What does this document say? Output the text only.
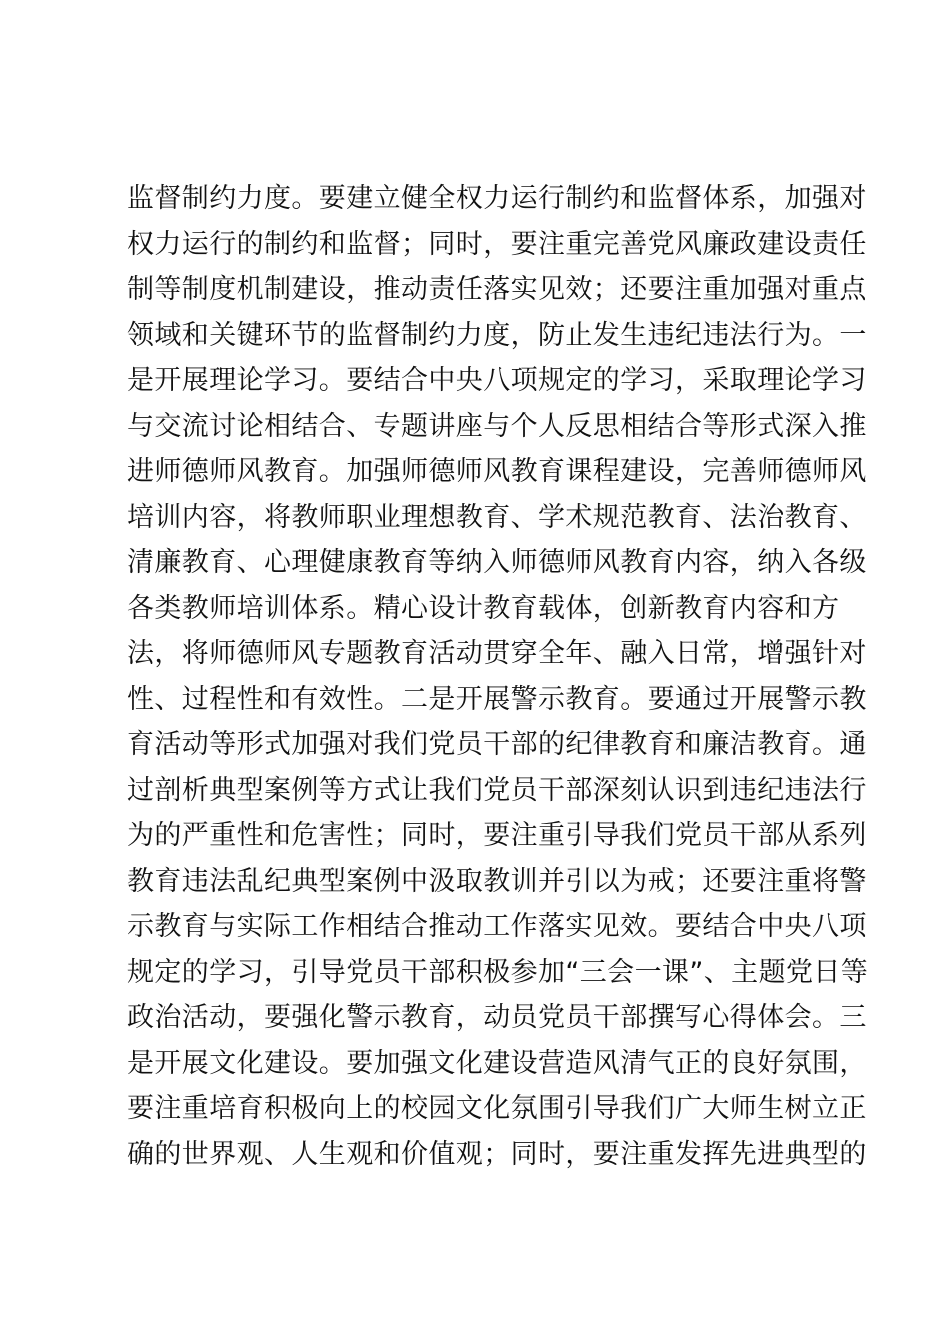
监督制约力度。要建立健全权力运行制约和监督体系，加强对
权力运行的制约和监督；同时，要注重完善党风廉政建设责任
制等制度机制建设，推动责任落实见效；还要注重加强对重点
领域和关键环节的监督制约力度，防止发生违纪违法行为。一
是开展理论学习。要结合中央八项规定的学习，采取理论学习
与交流讨论相结合、专题讲座与个人反思相结合等形式深入推
进师德师风教育。加强师德师风教育课程建设，完善师德师风
培训内容，将教师职业理想教育、学术规范教育、法治教育、
清廉教育、心理健康教育等纳入师德师风教育内容，纳入各级
各类教师培训体系。精心设计教育载体，创新教育内容和方
法，将师德师风专题教育活动贯穿全年、融入日常，增强针对
性、过程性和有效性。二是开展警示教育。要通过开展警示教
育活动等形式加强对我们党员干部的纪律教育和廉洁教育。通
过剖析典型案例等方式让我们党员干部深刻认识到违纪违法行
为的严重性和危害性；同时，要注重引导我们党员干部从系列
教育违法乱纪典型案例中汲取教训并引以为戒；还要注重将警
示教育与实际工作相结合推动工作落实见效。要结合中央八项
规定的学习，引导党员干部积极参加“三会一课”、主题党日等
政治活动，要强化警示教育，动员党员干部撰写心得体会。三
是开展文化建设。要加强文化建设营造风清气正的良好氛围，
要注重培育积极向上的校园文化氛围引导我们广大师生树立正
确的世界观、人生观和价值观；同时，要注重发挥先进典型的
